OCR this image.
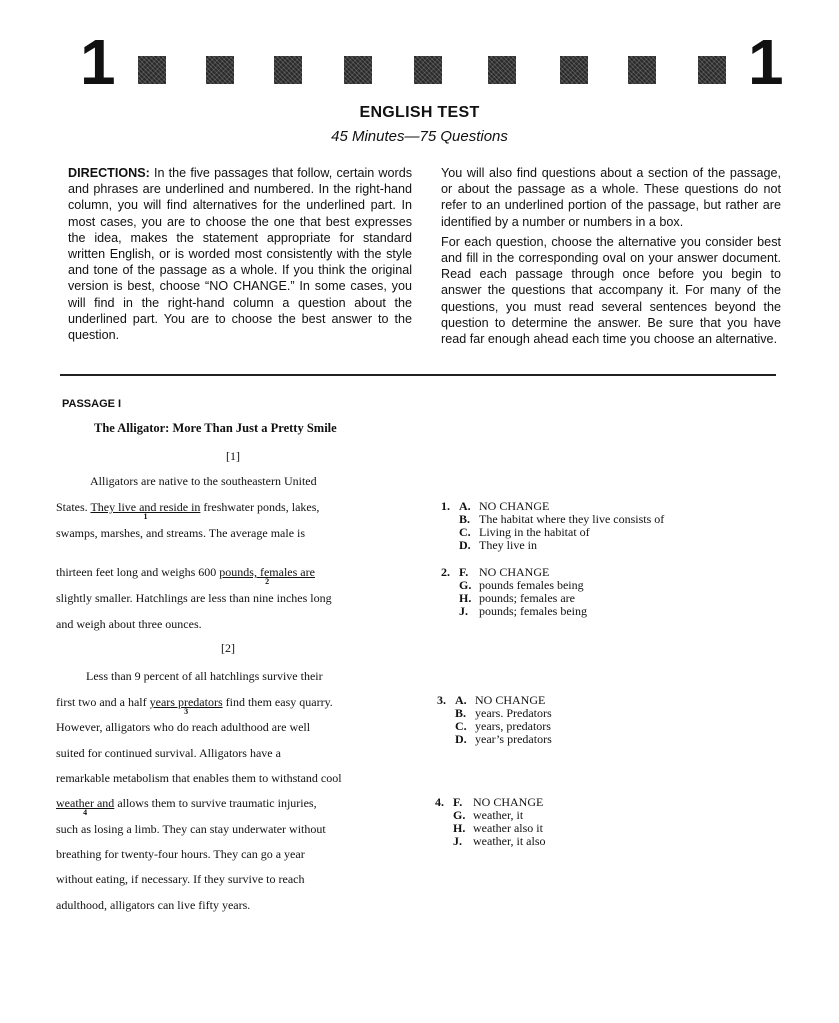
1	1
ENGLISH TEST
45 Minutes—75 Questions

DIRECTIONS: In the five passages that follow, certain words and phrases are underlined and numbered. In the right-hand column, you will find alternatives for the underlined part. In most cases, you are to choose the one that best expresses the idea, makes the statement appropriate for standard written English, or is worded most consistently with the style and tone of the passage as a whole. If you think the original version is best, choose “NO CHANGE.” In some cases, you will find in the right-hand column a question about the underlined part. You are to choose the best answer to the question.

You will also find questions about a section of the passage, or about the passage as a whole. These questions do not refer to an underlined portion of the passage, but rather are identified by a number or numbers in a box.

For each question, choose the alternative you consider best and fill in the corresponding oval on your answer document. Read each passage through once before you begin to answer the questions that accompany it. For many of the questions, you must read several sentences beyond the question to determine the answer. Be sure that you have read far enough ahead each time you choose an alternative.

PASSAGE I
The Alligator: More Than Just a Pretty Smile
[1]
Alligators are native to the southeastern United
States. They live and reside in
1
freshwater ponds, lakes,
swamps, marshes, and streams. The average male is
thirteen feet long and weighs 600 pounds, females are
2
slightly smaller. Hatchlings are less than nine inches long
and weigh about three ounces.
[2]
Less than 9 percent of all hatchlings survive their
first two and a half years predators
3
find them easy quarry.
However, alligators who do reach adulthood are well
suited for continued survival. Alligators have a
remarkable metabolism that enables them to withstand cool
weather and
4
allows them to survive traumatic injuries,
such as losing a limb. They can stay underwater without
breathing for twenty-four hours. They can go a year
without eating, if necessary. If they survive to reach
adulthood, alligators can live fifty years.
1. A. NO CHANGE
B. The habitat where they live consists of
C. Living in the habitat of
D. They live in
2. F. NO CHANGE
G. pounds females being
H. pounds; females are
J. pounds; females being
3. A. NO CHANGE
B. years. Predators
C. years, predators
D. year’s predators
4. F. NO CHANGE
G. weather, it
H. weather also it
J. weather, it also
